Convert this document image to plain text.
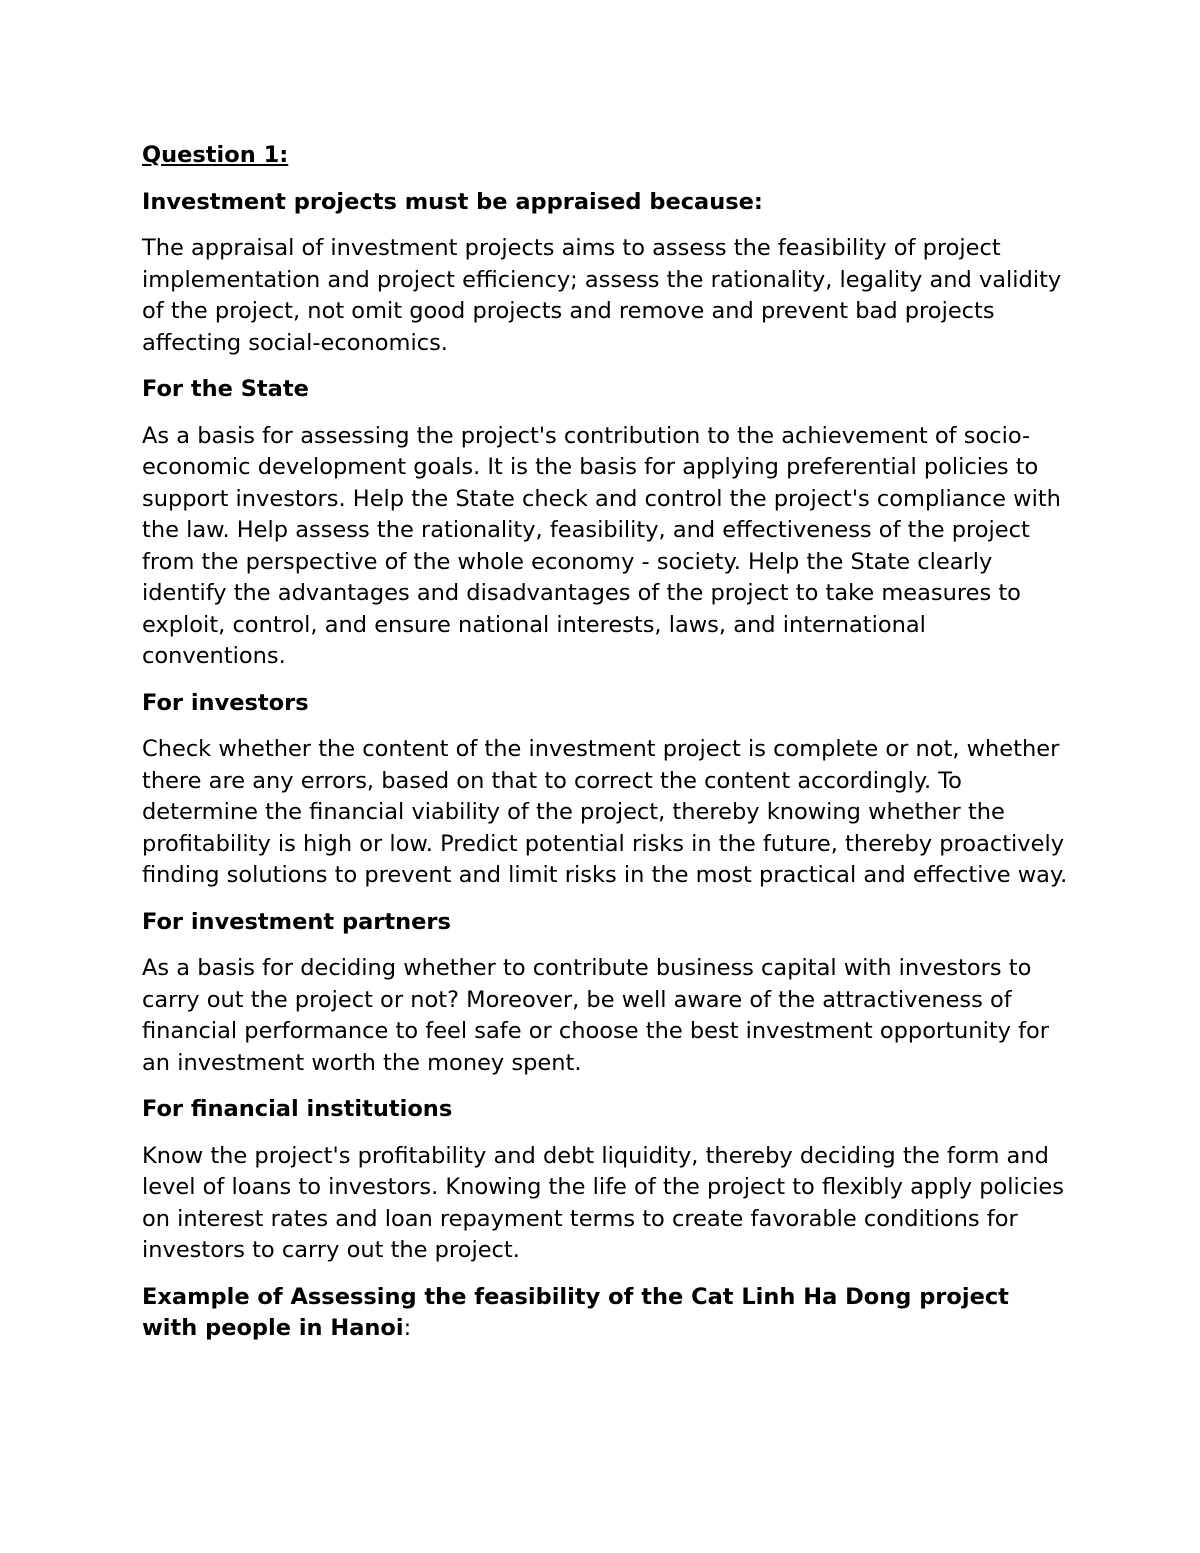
Question 1:
Investment projects must be appraised because:
The appraisal of investment projects aims to assess the feasibility of project implementation and project efficiency; assess the rationality, legality and validity of the project, not omit good projects and remove and prevent bad projects affecting social-economics.
For the State
As a basis for assessing the project's contribution to the achievement of socio-economic development goals. It is the basis for applying preferential policies to support investors. Help the State check and control the project's compliance with the law. Help assess the rationality, feasibility, and effectiveness of the project from the perspective of the whole economy - society. Help the State clearly identify the advantages and disadvantages of the project to take measures to exploit, control, and ensure national interests, laws, and international conventions.
For investors
Check whether the content of the investment project is complete or not, whether there are any errors, based on that to correct the content accordingly. To determine the financial viability of the project, thereby knowing whether the profitability is high or low. Predict potential risks in the future, thereby proactively finding solutions to prevent and limit risks in the most practical and effective way.
For investment partners
As a basis for deciding whether to contribute business capital with investors to carry out the project or not? Moreover, be well aware of the attractiveness of financial performance to feel safe or choose the best investment opportunity for an investment worth the money spent.
For financial institutions
Know the project's profitability and debt liquidity, thereby deciding the form and level of loans to investors. Knowing the life of the project to flexibly apply policies on interest rates and loan repayment terms to create favorable conditions for investors to carry out the project.
Example of Assessing the feasibility of the Cat Linh Ha Dong project with people in Hanoi:
